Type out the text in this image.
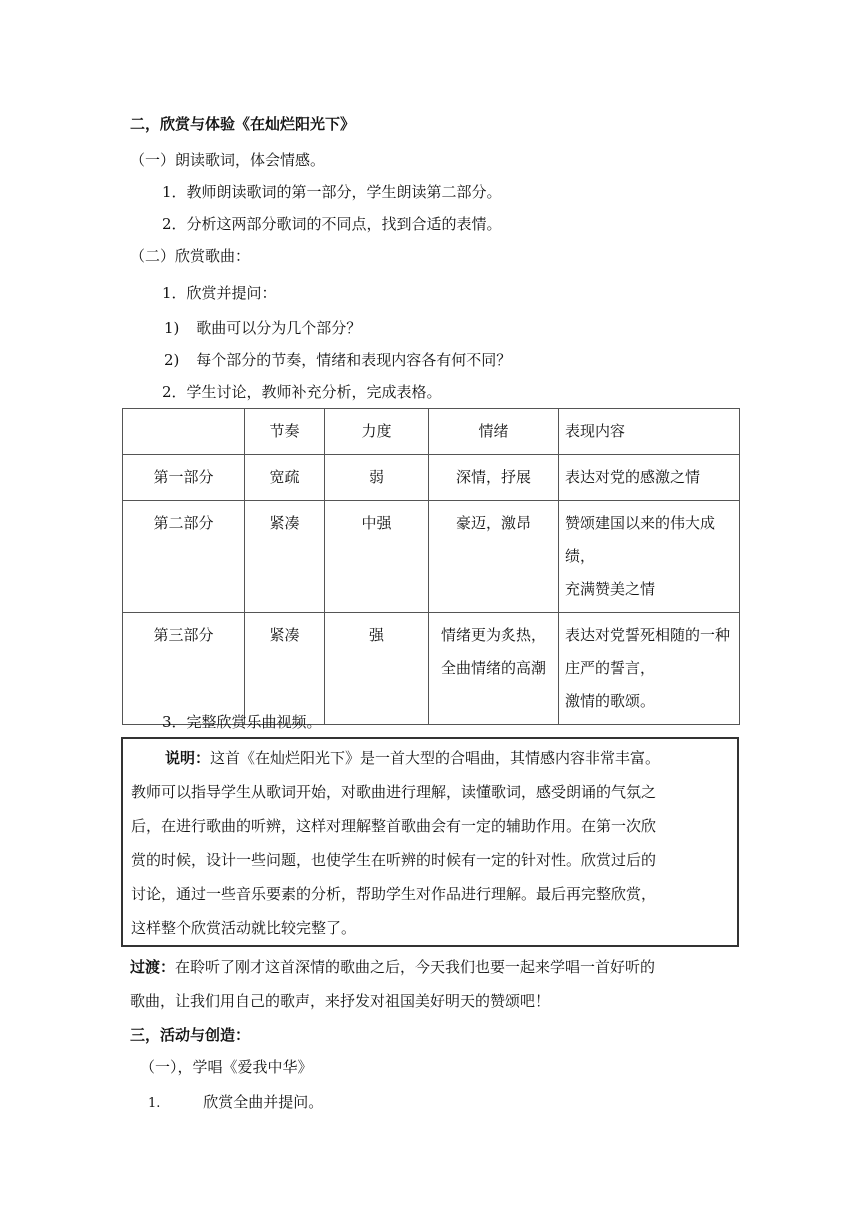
二，欣赏与体验《在灿烂阳光下》
（一）朗读歌词，体会情感。
1．教师朗读歌词的第一部分，学生朗读第二部分。
2．分析这两部分歌词的不同点，找到合适的表情。
（二）欣赏歌曲：
1．欣赏并提问：
1) 歌曲可以分为几个部分？
2) 每个部分的节奏，情绪和表现内容各有何不同？
2．学生讨论，教师补充分析，完成表格。
	节奏	力度	情绪	表现内容
第一部分	宽疏	弱	深情，抒展	表达对党的感激之情
第二部分	紧凑	中强	豪迈，激昂	赞颂建国以来的伟大成绩，
充满赞美之情
第三部分	紧凑	强	情绪更为炙热，
全曲情绪的高潮	表达对党誓死相随的一种庄严的誓言，
激情的歌颂。
3．完整欣赏乐曲视频。
说明：这首《在灿烂阳光下》是一首大型的合唱曲，其情感内容非常丰富。
教师可以指导学生从歌词开始，对歌曲进行理解，读懂歌词，感受朗诵的气氛之
后，在进行歌曲的听辨，这样对理解整首歌曲会有一定的辅助作用。在第一次欣
赏的时候，设计一些问题，也使学生在听辨的时候有一定的针对性。欣赏过后的
讨论，通过一些音乐要素的分析，帮助学生对作品进行理解。最后再完整欣赏，
这样整个欣赏活动就比较完整了。
过渡：在聆听了刚才这首深情的歌曲之后，今天我们也要一起来学唱一首好听的
歌曲，让我们用自己的歌声，来抒发对祖国美好明天的赞颂吧！
三，活动与创造：
（一），学唱《爱我中华》
1.	欣赏全曲并提问。
